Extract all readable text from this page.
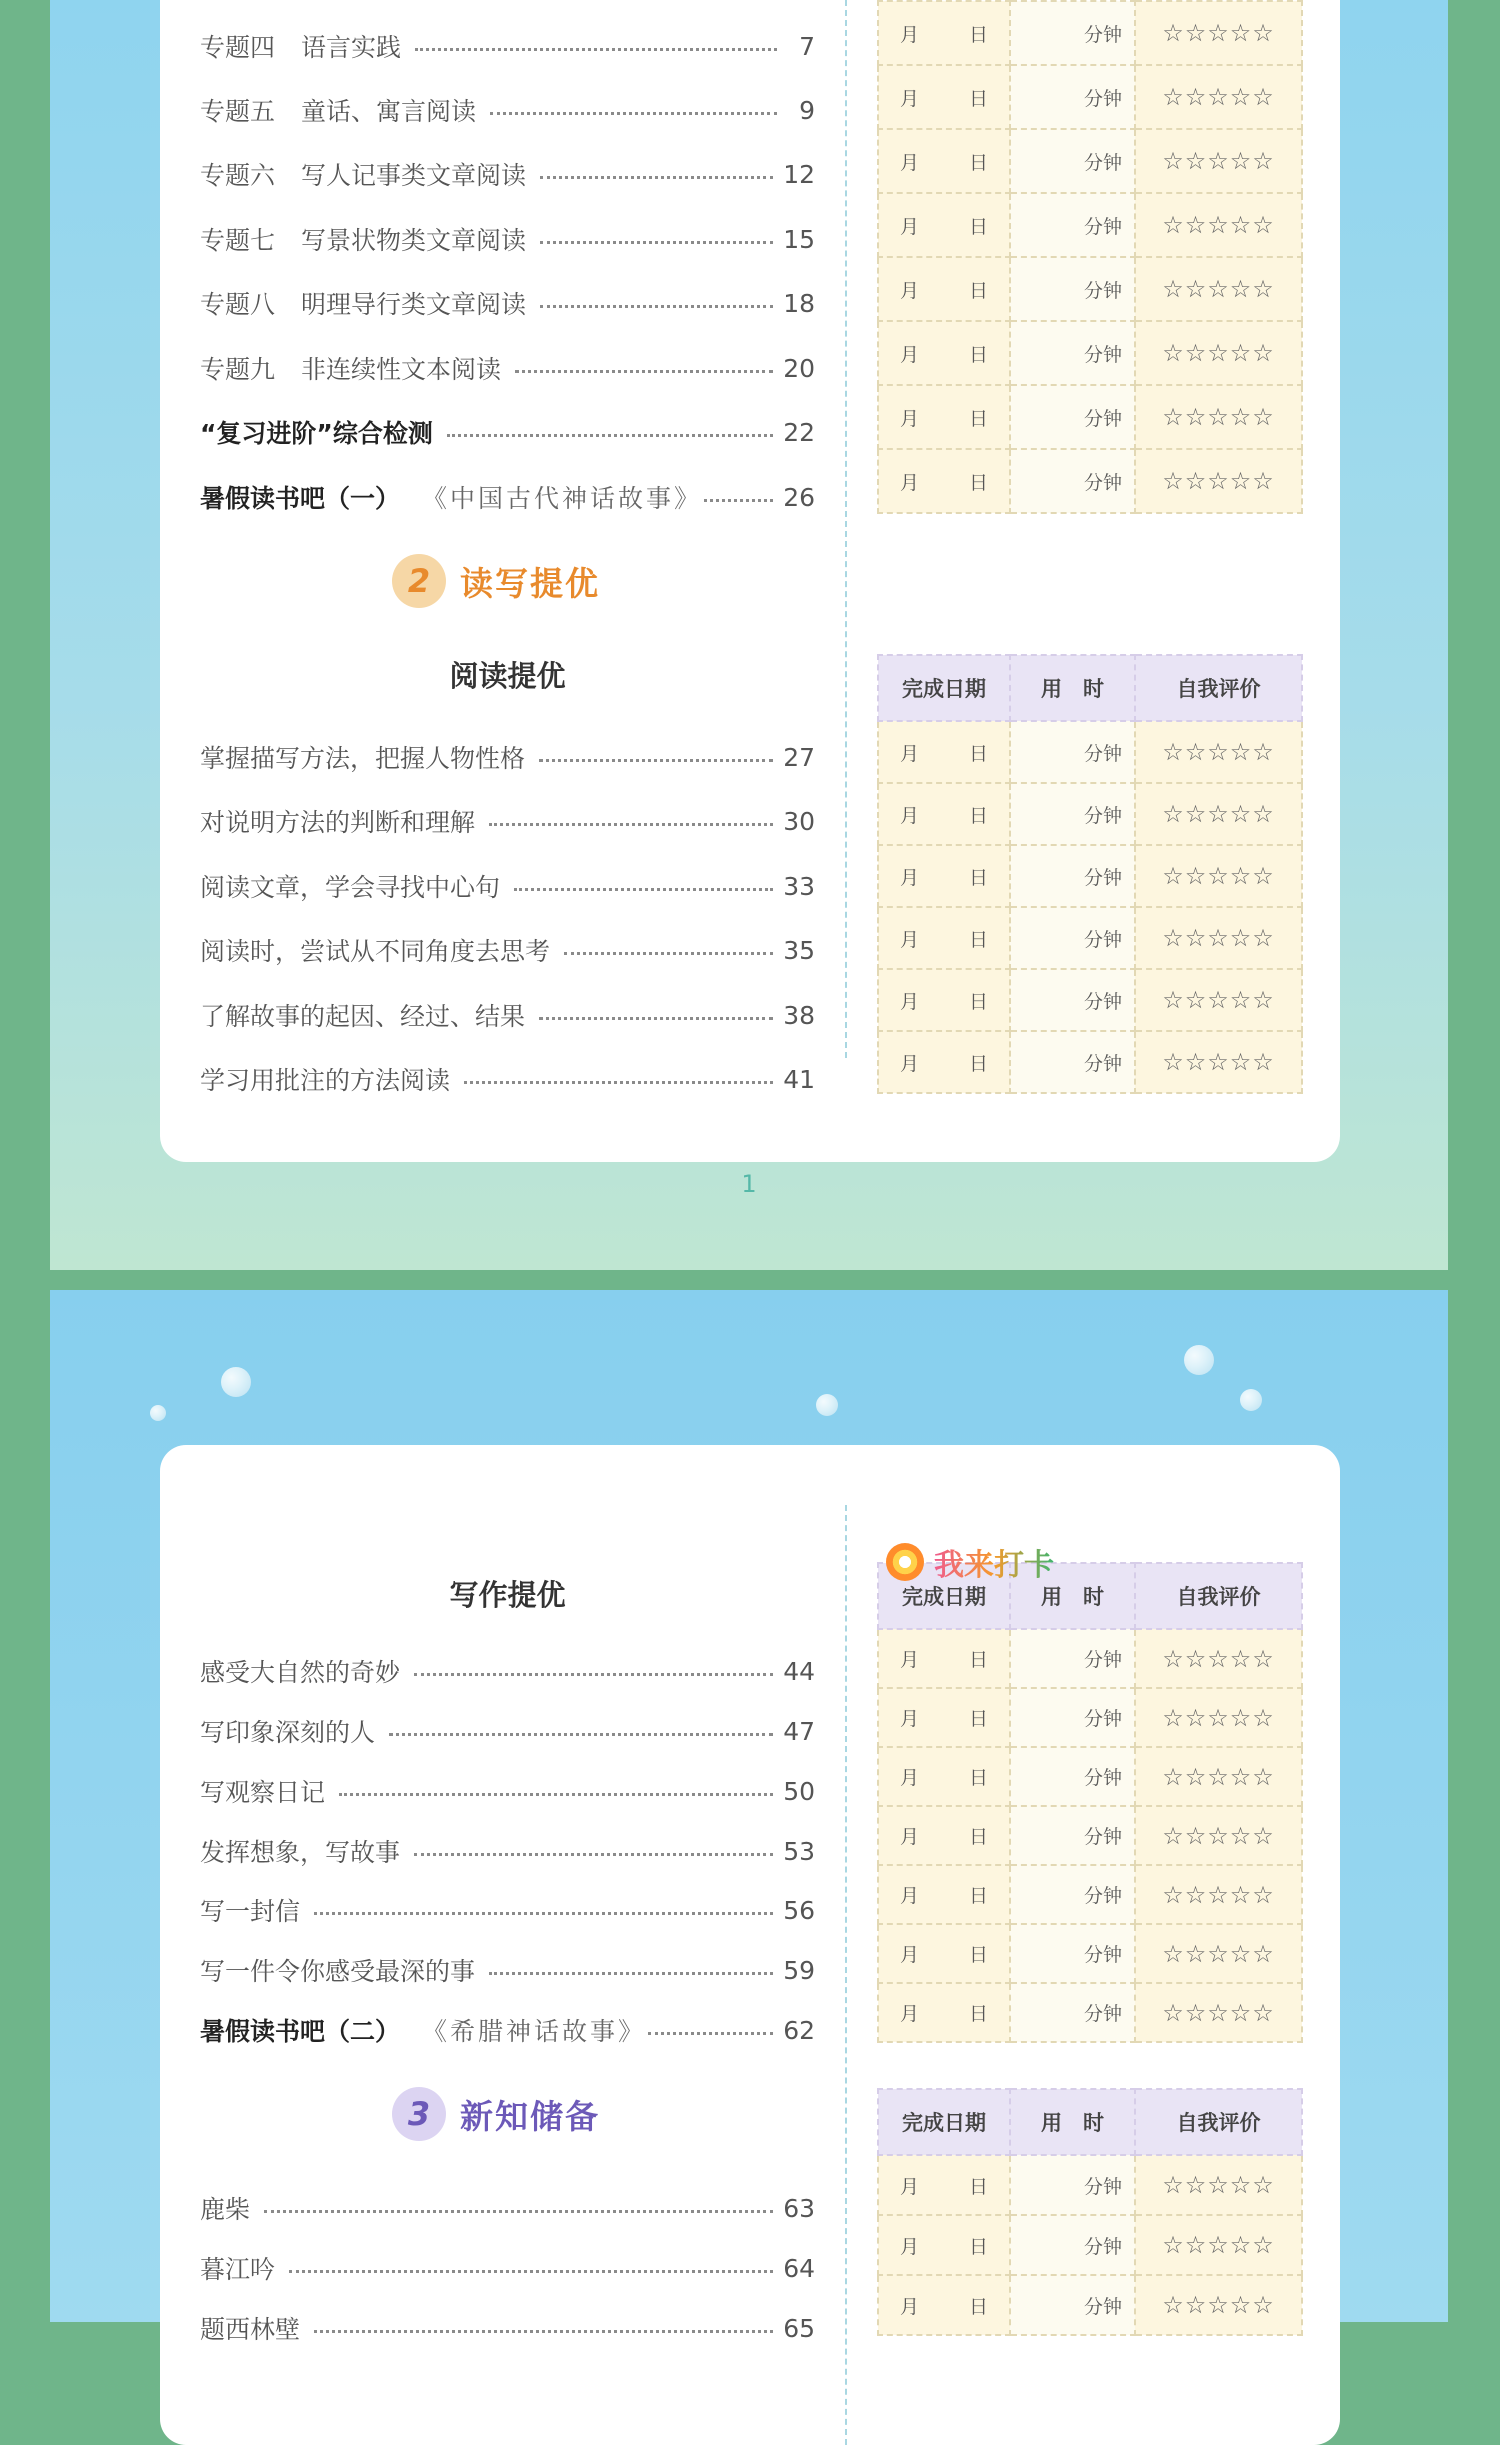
专题四 语言实践	7
专题五 童话、寓言阅读	9
专题六 写人记事类文章阅读	12
专题七 写景状物类文章阅读	15
专题八 明理导行类文章阅读	18
专题九 非连续性文本阅读	20
“复习进阶”综合检测	22
暑假读书吧（一） 《中国古代神话故事》	26
2 读写提优
阅读提优
掌握描写方法，把握人物性格	27
对说明方法的判断和理解	30
阅读文章，学会寻找中心句	33
阅读时，尝试从不同角度去思考	35
了解故事的起因、经过、结果	38
学习用批注的方法阅读	41
月 日	分钟	☆☆☆☆☆
月 日	分钟	☆☆☆☆☆
月 日	分钟	☆☆☆☆☆
月 日	分钟	☆☆☆☆☆
月 日	分钟	☆☆☆☆☆
月 日	分钟	☆☆☆☆☆
月 日	分钟	☆☆☆☆☆
月 日	分钟	☆☆☆☆☆
完成日期	用　时	自我评价
月 日	分钟	☆☆☆☆☆
月 日	分钟	☆☆☆☆☆
月 日	分钟	☆☆☆☆☆
月 日	分钟	☆☆☆☆☆
月 日	分钟	☆☆☆☆☆
月 日	分钟	☆☆☆☆☆
1
写作提优
感受大自然的奇妙	44
写印象深刻的人	47
写观察日记	50
发挥想象，写故事	53
写一封信	56
写一件令你感受最深的事	59
暑假读书吧（二） 《希腊神话故事》	62
3 新知储备
鹿柴	63
暮江吟	64
题西林壁	65
完成日期	用　时	自我评价
月 日	分钟	☆☆☆☆☆
月 日	分钟	☆☆☆☆☆
月 日	分钟	☆☆☆☆☆
月 日	分钟	☆☆☆☆☆
月 日	分钟	☆☆☆☆☆
月 日	分钟	☆☆☆☆☆
月 日	分钟	☆☆☆☆☆
完成日期	用　时	自我评价
月 日	分钟	☆☆☆☆☆
月 日	分钟	☆☆☆☆☆
月 日	分钟	☆☆☆☆☆
我来打卡
